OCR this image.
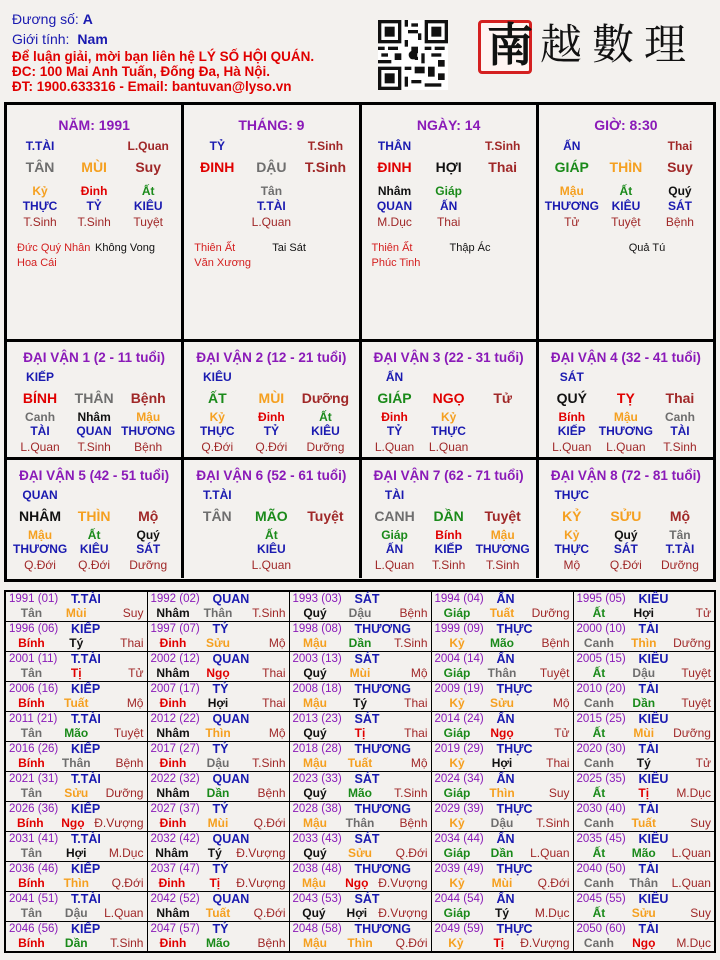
Đương số: A
Giới tính: Nam
Để luận giải, mời bạn liên hệ LÝ SỐ HỘI QUÁN.
ĐC: 100 Mai Anh Tuấn, Đống Đa, Hà Nội.
ĐT: 1900.633316 - Email: bantuvan@lyso.vn
南 越數理
NĂM: 1991
T.TÀI	L.Quan
TÂN	MÙI	Suy
Kỷ	Đinh	Ất
THỰC	TỶ	KIÊU
T.Sinh	T.Sinh	Tuyệt
Đức Quý Nhân
Hoa Cái
Không Vong
THÁNG: 9
TỶ	T.Sinh
ĐINH	DẬU	T.Sinh
Tân
T.TÀI
L.Quan
Thiên Ất
Văn Xương
Tai Sát
NGÀY: 14
THÂN	T.Sinh
ĐINH	HỢI	Thai
Nhâm	Giáp
QUAN	ẤN
M.Dục	Thai
Thiên Ất
Phúc Tinh
Thập Ác
GIỜ: 8:30
ẤN	Thai
GIÁP	THÌN	Suy
Mậu	Ất	Quý
THƯƠNG	KIÊU	SÁT
Tử	Tuyệt	Bệnh
Quả Tú
ĐẠI VẬN 1 (2 - 11 tuổi)
KIẾP
BÍNH	THÂN	Bệnh
Canh	Nhâm	Mậu
TÀI	QUAN THƯƠNG
L.Quan	T.Sinh	Bệnh
ĐẠI VẬN 2 (12 - 21 tuổi)
KIÊU
ẤT	MÙI	Dưỡng
Kỷ	Đinh	Ất
THỰC	TỶ	KIÊU
Q.Đới	Q.Đới	Dưỡng
ĐẠI VẬN 3 (22 - 31 tuổi)
ẤN
GIÁP	NGỌ	Tử
Đinh	Kỷ
TỶ	THỰC
L.Quan	L.Quan
ĐẠI VẬN 4 (32 - 41 tuổi)
SÁT
QUÝ	TỴ	Thai
Bính	Mậu	Canh
KIẾP	THƯƠNG	TÀI
L.Quan	L.Quan	T.Sinh
ĐẠI VẬN 5 (42 - 51 tuổi)
QUAN
NHÂM	THÌN	Mộ
Mậu	Ất	Quý
THƯƠNG	KIÊU	SÁT
Q.Đới	Q.Đới	Dưỡng
ĐẠI VẬN 6 (52 - 61 tuổi)
T.TÀI
TÂN	MÃO	Tuyệt
Ất
KIÊU
L.Quan
ĐẠI VẬN 7 (62 - 71 tuổi)
TÀI
CANH	DẦN	Tuyệt
Giáp	Bính	Mậu
ẤN	KIẾP	THƯƠNG
L.Quan	T.Sinh	T.Sinh
ĐẠI VẬN 8 (72 - 81 tuổi)
THỰC
KỶ	SỬU	Mộ
Kỷ	Quý	Tân
THỰC	SÁT	T.TÀI
Mộ	Q.Đới	Dưỡng
1991 (01)	T.TÀI
Tân	Mùi	Suy

1992 (02)	QUAN
Nhâm	Thân	T.Sinh

1993 (03)	SÁT
Quý	Dậu	Bệnh

1994 (04)	ẤN
Giáp	Tuất	Dưỡng

1995 (05)	KIÊU
Ất	Hợi	Tử

1996 (06)	KIẾP
Bính	Tý	Thai

1997 (07)	TỶ
Đinh	Sửu	Mộ

1998 (08)	THƯƠNG
Mậu	Dần	T.Sinh

1999 (09)	THỰC
Kỷ	Mão	Bệnh

2000 (10)	TÀI
Canh	Thìn	Dưỡng

2001 (11)	T.TÀI
Tân	Tị	Tử

2002 (12)	QUAN
Nhâm	Ngọ	Thai

2003 (13)	SÁT
Quý	Mùi	Mộ

2004 (14)	ẤN
Giáp	Thân	Tuyệt

2005 (15)	KIÊU
Ất	Dậu	Tuyệt

2006 (16)	KIẾP
Bính	Tuất	Mộ

2007 (17)	TỶ
Đinh	Hợi	Thai

2008 (18)	THƯƠNG
Mậu	Tý	Thai

2009 (19)	THỰC
Kỷ	Sửu	Mộ

2010 (20)	TÀI
Canh	Dần	Tuyệt

2011 (21)	T.TÀI
Tân	Mão	Tuyệt

2012 (22)	QUAN
Nhâm	Thìn	Mộ

2013 (23)	SÁT
Quý	Tị	Thai

2014 (24)	ẤN
Giáp	Ngọ	Tử

2015 (25)	KIÊU
Ất	Mùi	Dưỡng

2016 (26)	KIẾP
Bính	Thân	Bệnh

2017 (27)	TỶ
Đinh	Dậu	T.Sinh

2018 (28)	THƯƠNG
Mậu	Tuất	Mộ

2019 (29)	THỰC
Kỷ	Hợi	Thai

2020 (30)	TÀI
Canh	Tý	Tử

2021 (31)	T.TÀI
Tân	Sửu	Dưỡng

2022 (32)	QUAN
Nhâm	Dần	Bệnh

2023 (33)	SÁT
Quý	Mão	T.Sinh

2024 (34)	ẤN
Giáp	Thìn	Suy

2025 (35)	KIÊU
Ất	Tị	M.Dục

2026 (36)	KIẾP
Bính	Ngọ Đ.Vượng

2027 (37)	TỶ
Đinh	Mùi	Q.Đới

2028 (38)	THƯƠNG
Mậu	Thân	Bệnh

2029 (39)	THỰC
Kỷ	Dậu	T.Sinh

2030 (40)	TÀI
Canh	Tuất	Suy

2031 (41)	T.TÀI
Tân	Hợi	M.Dục

2032 (42)	QUAN
Nhâm	Tý	Đ.Vượng

2033 (43)	SÁT
Quý	Sửu	Q.Đới

2034 (44)	ẤN
Giáp	Dần	L.Quan

2035 (45)	KIÊU
Ất	Mão	L.Quan

2036 (46)	KIẾP
Bính	Thìn	Q.Đới

2037 (47)	TỶ
Đinh	Tị	Đ.Vượng

2038 (48)	THƯƠNG
Mậu	Ngọ Đ.Vượng

2039 (49)	THỰC
Kỷ	Mùi	Q.Đới

2040 (50)	TÀI
Canh	Thân	L.Quan

2041 (51)	T.TÀI
Tân	Dậu	L.Quan

2042 (52)	QUAN
Nhâm	Tuất	Q.Đới

2043 (53)	SÁT
Quý	Hợi Đ.Vượng

2044 (54)	ẤN
Giáp	Tý	M.Dục

2045 (55)	KIÊU
Ất	Sửu	Suy

2046 (56)	KIẾP
Bính	Dần	T.Sinh

2047 (57)	TỶ
Đinh	Mão	Bệnh

2048 (58)	THƯƠNG
Mậu	Thìn	Q.Đới

2049 (59)	THỰC
Kỷ	Tị	Đ.Vượng

2050 (60)	TÀI
Canh	Ngọ	M.Dục
